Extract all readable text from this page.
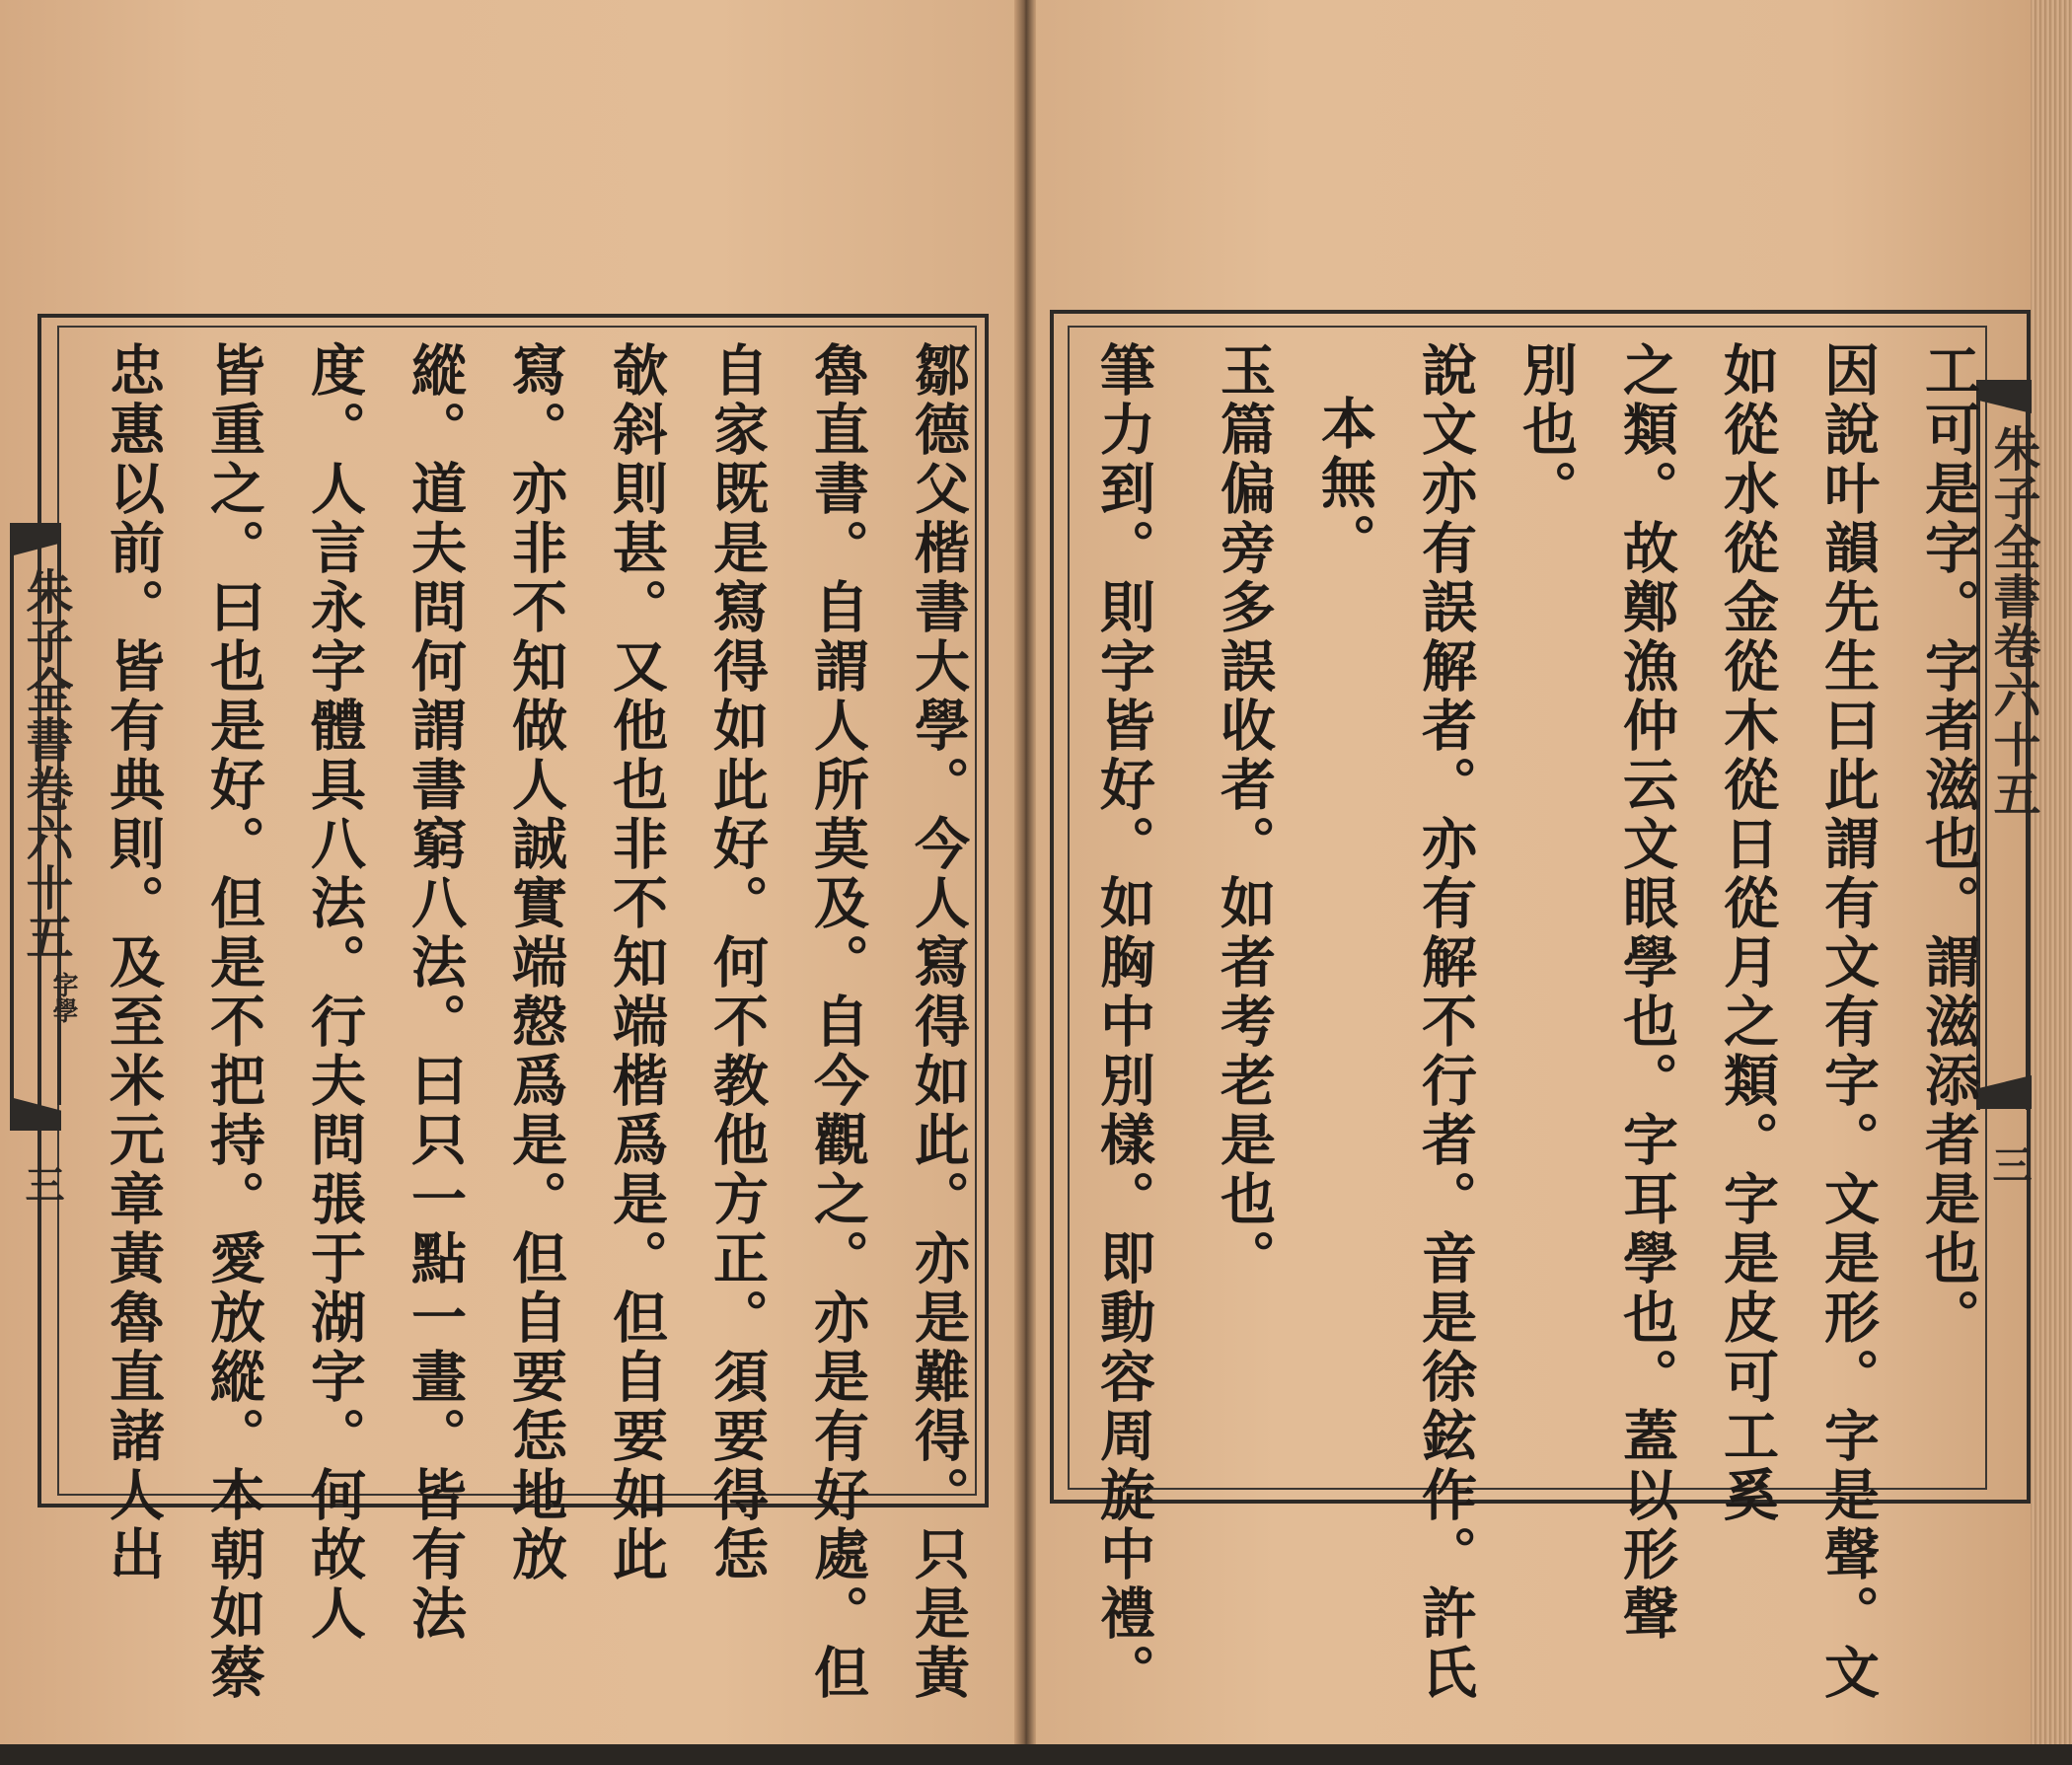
朱子全書卷六十五
字學
三	鄒德父楷書大學。今人寫得如此。亦是難得。只是黃
魯直書。自謂人所莫及。自今觀之。亦是有好處。但
自家既是寫得如此好。何不教他方正。須要得恁
欹斜則甚。又他也非不知端楷爲是。但自要如此
寫。亦非不知做人誠實端慤爲是。但自要恁地放
縱。道夫問何謂書窮八法。曰只一點一畫。皆有法
度。人言永字體具八法。行夫問張于湖字。何故人
皆重之。曰也是好。但是不把持。愛放縱。本朝如蔡
忠惠以前。皆有典則。及至米元章黃魯直諸人出	朱子全書卷六十五
三
工可是字。字者滋也。謂滋添者是也。
因說叶韻先生曰此謂有文有字。文是形。字是聲。文
如從水從金從木從日從月之類。字是皮可工奚
之類。故鄭漁仲云文眼學也。字耳學也。蓋以形聲
別也。
說文亦有誤解者。亦有解不行者。音是徐鉉作。許氏
本無。
玉篇偏旁多誤收者。如者考老是也。
筆力到。則字皆好。如胸中別樣。即動容周旋中禮。
